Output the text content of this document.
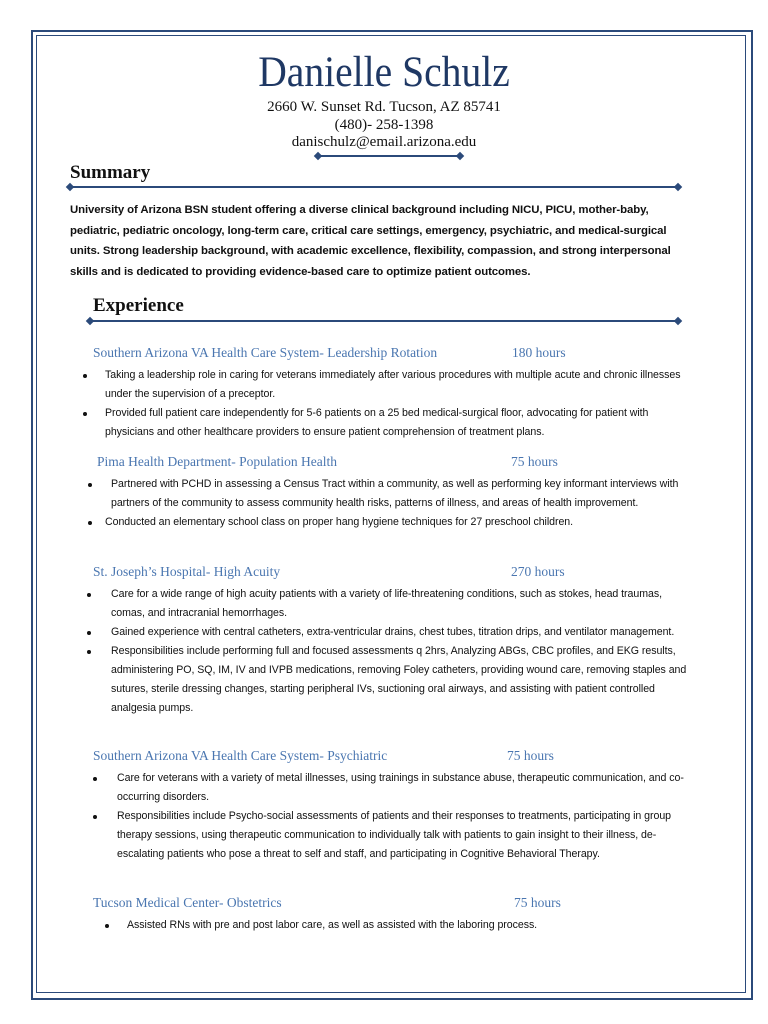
Danielle Schulz
2660 W. Sunset Rd. Tucson, AZ 85741
(480)- 258-1398
danischulz@email.arizona.edu
Summary
University of Arizona BSN student offering a diverse clinical background including NICU, PICU, mother-baby, pediatric, pediatric oncology, long-term care, critical care settings, emergency, psychiatric, and medical-surgical units. Strong leadership background, with academic excellence, flexibility, compassion, and strong interpersonal skills and is dedicated to providing evidence-based care to optimize patient outcomes.
Experience
Southern Arizona VA Health Care System- Leadership Rotation	180 hours
Taking a leadership role in caring for veterans immediately after various procedures with multiple acute and chronic illnesses under the supervision of a preceptor.
Provided full patient care independently for 5-6 patients on a 25 bed medical-surgical floor, advocating for patient with physicians and other healthcare providers to ensure patient comprehension of treatment plans.
Pima Health Department- Population Health	75 hours
Partnered with PCHD in assessing a Census Tract within a community, as well as performing key informant interviews with partners of the community to assess community health risks, patterns of illness, and areas of health improvement.
Conducted an elementary school class on proper hang hygiene techniques for 27 preschool children.
St. Joseph’s Hospital- High Acuity	270 hours
Care for a wide range of high acuity patients with a variety of life-threatening conditions, such as stokes, head traumas, comas, and intracranial hemorrhages.
Gained experience with central catheters, extra-ventricular drains, chest tubes, titration drips, and ventilator management.
Responsibilities include performing full and focused assessments q 2hrs, Analyzing ABGs, CBC profiles, and EKG results, administering PO, SQ, IM, IV and IVPB medications, removing Foley catheters, providing wound care, removing staples and sutures, sterile dressing changes, starting peripheral IVs, suctioning oral airways, and assisting with patient controlled analgesia pumps.
Southern Arizona VA Health Care System- Psychiatric	75 hours
Care for veterans with a variety of metal illnesses, using trainings in substance abuse, therapeutic communication, and co-occurring disorders.
Responsibilities include Psycho-social assessments of patients and their responses to treatments, participating in group therapy sessions, using therapeutic communication to individually talk with patients to gain insight to their illness, de-escalating patients who pose a threat to self and staff, and participating in Cognitive Behavioral Therapy.
Tucson Medical Center- Obstetrics	75 hours
Assisted RNs with pre and post labor care, as well as assisted with the laboring process.
